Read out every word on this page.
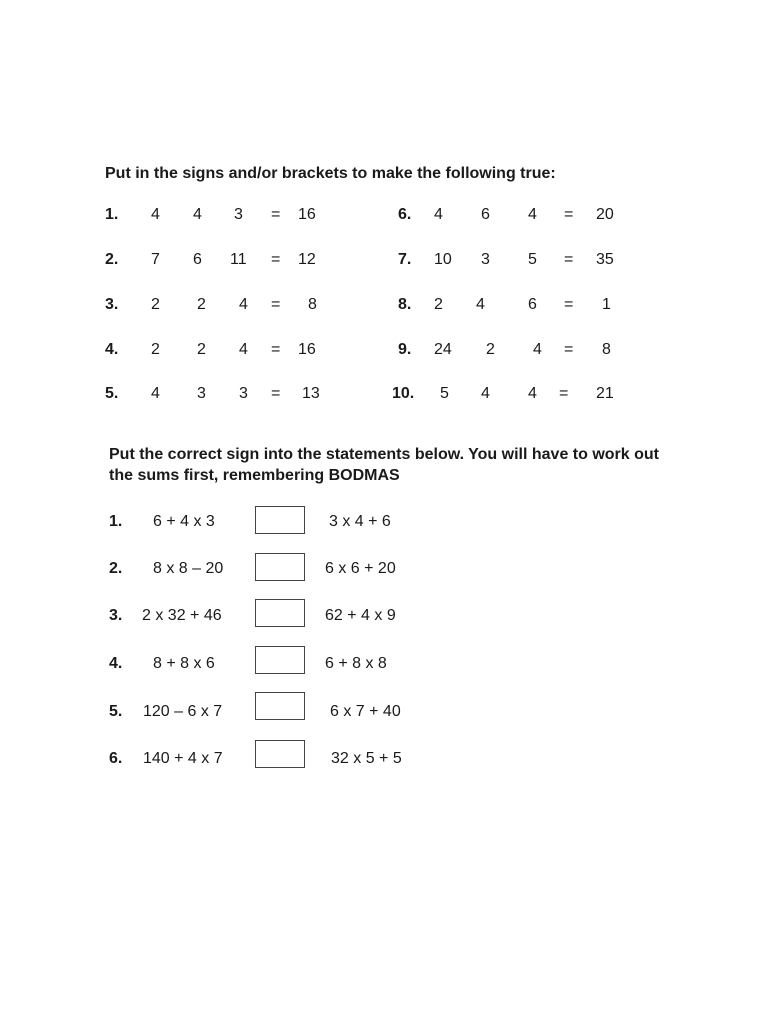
Put in the signs and/or brackets to make the following true:

1. 4 4 3 = 16
2. 7 6 11 = 12
3. 2 2 4 = 8
4. 2 2 4 = 16
5. 4 3 3 = 13
6. 4 6 4 = 20
7. 10 3 5 = 35
8. 2 4	6 = 1
9. 24 2 4 = 8
10. 5 4 4 = 21

Put the correct sign into the statements below. You will have to work out the sums first, remembering BODMAS

1. 6 + 4 x 3	3 x 4 + 6
2. 8 x 8 – 20	6 x 6 + 20
3. 2 x 32 + 46	62 + 4 x 9
4. 8 + 8 x 6	6 + 8 x 8
5. 120 – 6 x 7	6 x 7 + 40
6. 140 + 4 x 7	32 x 5 + 5
